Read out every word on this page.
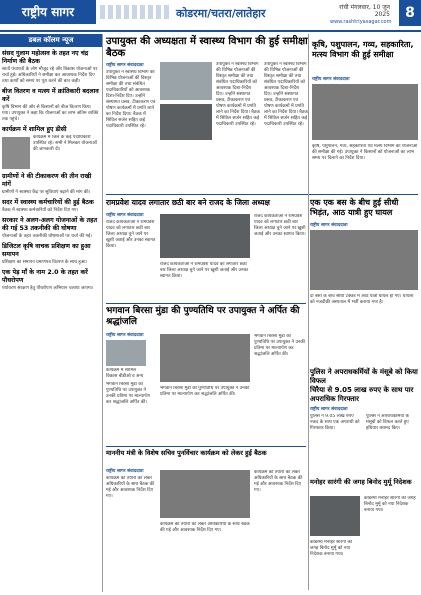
राष्ट्रीय सागर	कोडरमा/चतरा/लातेहार	रांची मंगलवार, 10 जून 2025
www.rashtriyasagar.com
8
डबल कॉलम न्यूज
संसद गुलाम महोत्सव के तहत नए चंद्र निर्माण की बैठक
सातों पंचायतों के लोग मौजूद रहे और विकास योजनाओं पर चर्चा हुई। अधिकारियों ने समीक्षा कर आवश्यक निर्देश दिए तथा कार्यों को समय पर पूरा करने की बात कही।
बीज वितरण व मत्स्य में क्रांतिकारी बदलाव करें
कृषि विभाग की ओर से किसानों को बीज वितरण किया गया। उपायुक्त ने कहा कि योजनाओं का लाभ अंतिम व्यक्ति तक पहुंचे।
कार्यक्रम में शामिल हुए डीसी
कार्यक्रम में जिले के कई पदाधिकारी उपस्थित रहे। सभी ने मिलकर योजनाओं की जानकारी दी।
ग्रामीणों ने की टीकाकरण की तीन राखी मांगें
ग्रामीणों ने स्वास्थ्य केंद्र पर सुविधाएं बढ़ाने की मांग की।
सदर में स्वास्थ्य कर्मचारियों की हुई बैठक
बैठक में स्वास्थ्य कर्मचारियों को निर्देश दिए गए।
सरकार ने अलग-अलग योजनाओं के तहत की गई 53 तकनीकी की घोषणा
योजनाओं के तहत तकनीकी घोषणाओं पर चर्चा की गई।
डिजिटल कृषि वाचक प्रशिक्षण का हुआ समापन
प्रशिक्षण का समापन प्रमाणपत्र वितरण के साथ हुआ।
एक पेड़ माँ के नाम 2.0 के तहत करें पौधरोपण
पर्यावरण संरक्षण हेतु पौधरोपण अभियान चलाया जाएगा।
उपायुक्त की अध्यक्षता में स्वास्थ्य विभाग की हुई समीक्षा बैठक
राष्ट्रीय सागर संवाददाता
उपायुक्त ने स्वास्थ्य विभाग की विभिन्न योजनाओं की विस्तृत समीक्षा की तथा संबंधित पदाधिकारियों को आवश्यक दिशा-निर्देश दिए। उन्होंने संस्थागत प्रसव, टीकाकरण एवं पोषण कार्यक्रमों में प्रगति लाने का निर्देश दिया। बैठक में सिविल सर्जन सहित कई पदाधिकारी उपस्थित रहे।
उपायुक्त ने स्वास्थ्य विभाग की विभिन्न योजनाओं की विस्तृत समीक्षा की तथा संबंधित पदाधिकारियों को आवश्यक दिशा-निर्देश दिए। उन्होंने संस्थागत प्रसव, टीकाकरण एवं पोषण कार्यक्रमों में प्रगति लाने का निर्देश दिया। बैठक में सिविल सर्जन सहित कई पदाधिकारी उपस्थित रहे।
उपायुक्त ने स्वास्थ्य विभाग की विभिन्न योजनाओं की विस्तृत समीक्षा की तथा संबंधित पदाधिकारियों को आवश्यक दिशा-निर्देश दिए। उन्होंने संस्थागत प्रसव, टीकाकरण एवं पोषण कार्यक्रमों में प्रगति लाने का निर्देश दिया। बैठक में सिविल सर्जन सहित कई पदाधिकारी उपस्थित रहे।
कृषि, पशुपालन, गव्य, सहकारिता, मत्स्य विभाग की हुई समीक्षा
कृषि, पशुपालन, गव्य, सहकारिता एवं मत्स्य विभाग की योजनाओं की समीक्षा की गई। उपायुक्त ने किसानों को योजनाओं का लाभ समय पर दिलाने का निर्देश दिया।
राष्ट्रीय सागर संवाददाता
रामप्रवेश यादव लगातार छठी बार बने राजद के जिला अध्यक्ष
राष्ट्रीय सागर संवाददाता
राजद कार्यकर्ताओं ने रामप्रवेश यादव को लगातार छठी बार जिला अध्यक्ष चुने जाने पर खुशी जताई और उनका स्वागत किया।
राजद कार्यकर्ताओं ने रामप्रवेश यादव को लगातार छठी बार जिला अध्यक्ष चुने जाने पर खुशी जताई और उनका स्वागत किया।
राजद कार्यकर्ताओं ने रामप्रवेश यादव को लगातार छठी बार जिला अध्यक्ष चुने जाने पर खुशी जताई और उनका स्वागत किया।
एक एक बस के बीच हुई सीधी भिड़ंत, आठ यात्री हुए घायल
राष्ट्रीय सागर संवाददाता
दो बसों के बीच सीधी टक्कर में आठ यात्री घायल हो गए। घायलों को नजदीकी अस्पताल में भर्ती कराया गया है।
भगवान बिरसा मुंडा की पुण्यतिथि पर उपायुक्त ने अर्पित की श्रद्धांजलि
राष्ट्रीय सागर संवाददाता
कार्यक्रम में शामिल विकास बीडीओ व अन्य
भगवान बिरसा मुंडा की पुण्यतिथि पर उपायुक्त ने उनकी प्रतिमा पर माल्यार्पण कर श्रद्धांजलि अर्पित की।
भगवान बिरसा मुंडा की पुण्यतिथि पर उपायुक्त ने उनकी प्रतिमा पर माल्यार्पण कर श्रद्धांजलि अर्पित की।
भगवान बिरसा मुंडा की पुण्यतिथि पर उपायुक्त ने उनकी प्रतिमा पर माल्यार्पण कर श्रद्धांजलि अर्पित की।
पुलिस ने अपराधकर्मियों के मंसूबे को किया विफल
चिरैया से 9.05 लाख रुपए के साथ पार अपराधिक गिरफ्तार
राष्ट्रीय सागर संवाददाता
पुलिस ने 9.05 लाख रुपए नकद के साथ एक अपराधी को गिरफ्तार किया।
पुलिस ने अपराधकर्मियों के मंसूबों को विफल करते हुए हथियार बरामद किए।
माननीय मंत्री के विशेष सचिव पुनर्विचार कार्यक्रम को लेकर हुई बैठक
राष्ट्रीय सागर संवाददाता
कार्यक्रम की तैयारी को लेकर अधिकारियों के साथ बैठक की गई और आवश्यक निर्देश दिए गए।
कार्यक्रम की तैयारी को लेकर अधिकारियों के साथ बैठक की गई और आवश्यक निर्देश दिए गए।
कार्यक्रम की तैयारी को लेकर अधिकारियों के साथ बैठक की गई और आवश्यक निर्देश दिए गए।
मनोहर सारंगी की जगह बिनोद मुर्मू निदेशक
कोडरमा मनोहर सारंगी की जगह बिनोद मुर्मू को नया निदेशक बनाया गया।
कोडरमा मनोहर सारंगी की जगह बिनोद मुर्मू को नया निदेशक बनाया गया।
